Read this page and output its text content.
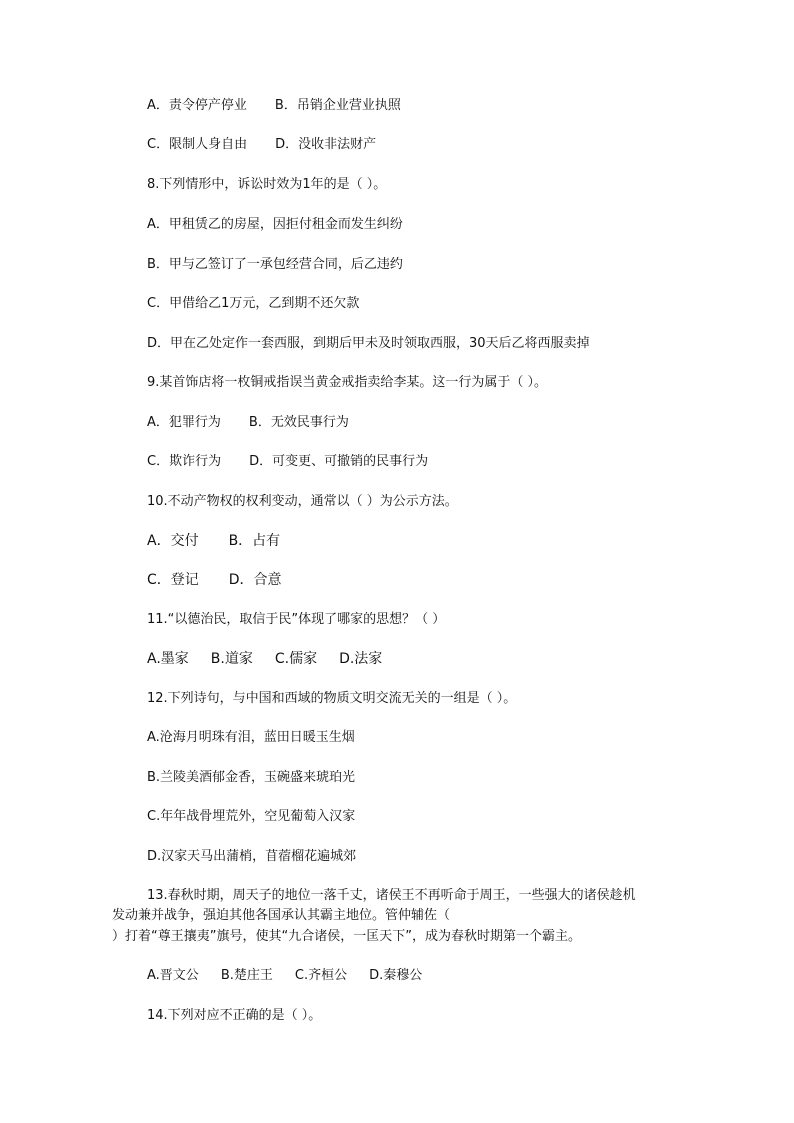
A．责令停产停业 B．吊销企业营业执照
C．限制人身自由 D．没收非法财产
8.下列情形中，诉讼时效为1年的是（ ）。
A．甲租赁乙的房屋，因拒付租金而发生纠纷
B．甲与乙签订了一承包经营合同，后乙违约
C．甲借给乙1万元，乙到期不还欠款
D．甲在乙处定作一套西服，到期后甲未及时领取西服，30天后乙将西服卖掉
9.某首饰店将一枚铜戒指误当黄金戒指卖给李某。这一行为属于（ ）。
A．犯罪行为 B．无效民事行为
C．欺诈行为 D．可变更、可撤销的民事行为
10.不动产物权的权利变动，通常以（ ）为公示方法。
A．交付 B．占有
C．登记 D．合意
11.“以德治民，取信于民”体现了哪家的思想？（ ）
A.墨家 B.道家 C.儒家 D.法家
12.下列诗句，与中国和西域的物质文明交流无关的一组是（ ）。
A.沧海月明珠有泪，蓝田日暖玉生烟
B.兰陵美酒郁金香，玉碗盛来琥珀光
C.年年战骨埋荒外，空见葡萄入汉家
D.汉家天马出蒲梢，苜蓿榴花遍城郊
13.春秋时期，周天子的地位一落千丈，诸侯王不再听命于周王，一些强大的诸侯趁机
发动兼并战争，强迫其他各国承认其霸主地位。管仲辅佐（
）打着“尊王攘夷”旗号，使其“九合诸侯，一匡天下”，成为春秋时期第一个霸主。
A.晋文公 B.楚庄王 C.齐桓公 D.秦穆公
14.下列对应不正确的是（ ）。
